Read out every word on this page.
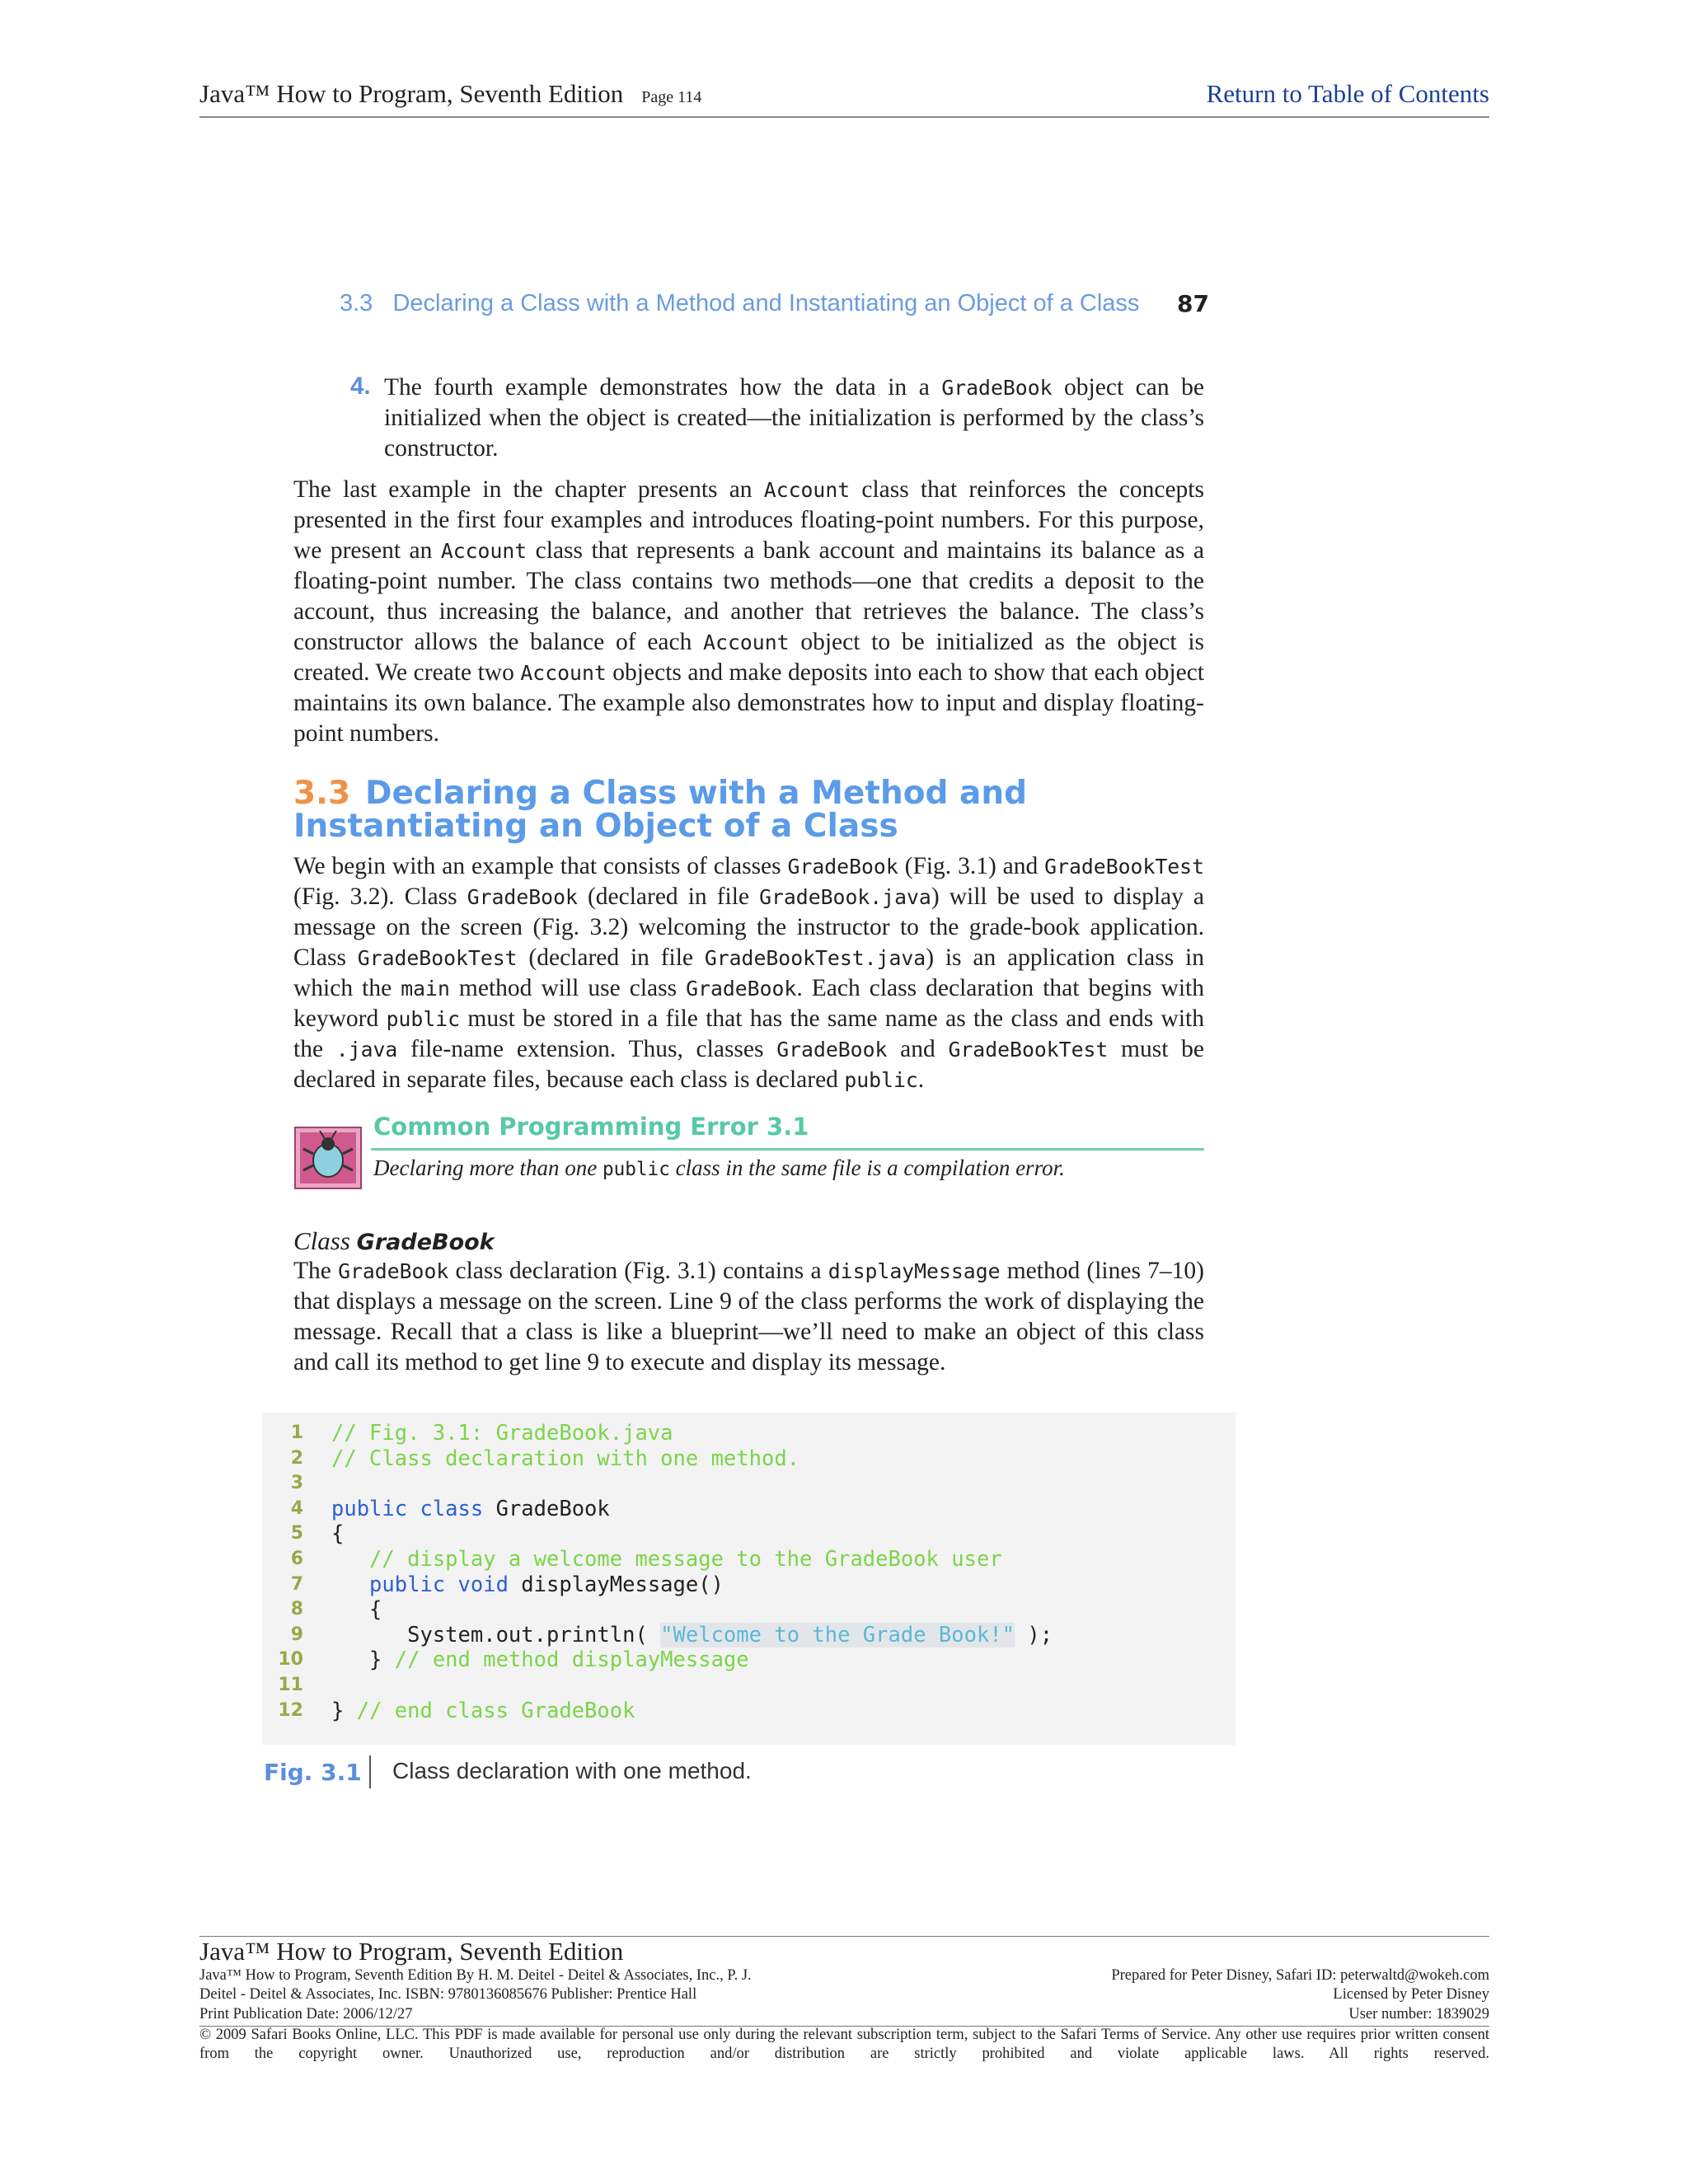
Java™ How to Program, Seventh Edition Page 114	Return to Table of Contents
3.3   Declaring a Class with a Method and Instantiating an Object of a Class 87
4. The fourth example demonstrates how the data in a GradeBook object can be initialized when the object is created—the initialization is performed by the class’s constructor.
The last example in the chapter presents an Account class that reinforces the concepts presented in the first four examples and introduces floating-point numbers. For this purpose, we present an Account class that represents a bank account and maintains its balance as a floating-point number. The class contains two methods—one that credits a deposit to the account, thus increasing the balance, and another that retrieves the balance. The class’s constructor allows the balance of each Account object to be initialized as the object is created. We create two Account objects and make deposits into each to show that each object maintains its own balance. The example also demonstrates how to input and display floating-point numbers.
3.3 Declaring a Class with a Method and Instantiating an Object of a Class
We begin with an example that consists of classes GradeBook (Fig. 3.1) and GradeBookTest (Fig. 3.2). Class GradeBook (declared in file GradeBook.java) will be used to display a message on the screen (Fig. 3.2) welcoming the instructor to the grade-book application. Class GradeBookTest (declared in file GradeBookTest.java) is an application class in which the main method will use class GradeBook. Each class declaration that begins with keyword public must be stored in a file that has the same name as the class and ends with the .java file-name extension. Thus, classes GradeBook and GradeBookTest must be declared in separate files, because each class is declared public.
Common Programming Error 3.1
Declaring more than one public class in the same file is a compilation error.
Class GradeBook
The GradeBook class declaration (Fig. 3.1) contains a displayMessage method (lines 7–10) that displays a message on the screen. Line 9 of the class performs the work of displaying the message. Recall that a class is like a blueprint—we’ll need to make an object of this class and call its method to get line 9 to execute and display its message.
1 // Fig. 3.1: GradeBook.java
2 // Class declaration with one method.
3
4 public class GradeBook
5 {
6 // display a welcome message to the GradeBook user
7 public void displayMessage()
8 {
9 System.out.println( "Welcome to the Grade Book!" );
10 } // end method displayMessage
11
12 } // end class GradeBook
Fig. 3.1 Class declaration with one method.
Java™ How to Program, Seventh Edition
Java™ How to Program, Seventh Edition By H. M. Deitel - Deitel & Associates, Inc., P. J.
Deitel - Deitel & Associates, Inc. ISBN: 9780136085676 Publisher: Prentice Hall
Print Publication Date: 2006/12/27
Prepared for Peter Disney, Safari ID: peterwaltd@wokeh.com
Licensed by Peter Disney
User number: 1839029
© 2009 Safari Books Online, LLC. This PDF is made available for personal use only during the relevant subscription term, subject to the Safari Terms of Service. Any other use requires prior written consent from the copyright owner. Unauthorized use, reproduction and/or distribution are strictly prohibited and violate applicable laws. All rights reserved.
